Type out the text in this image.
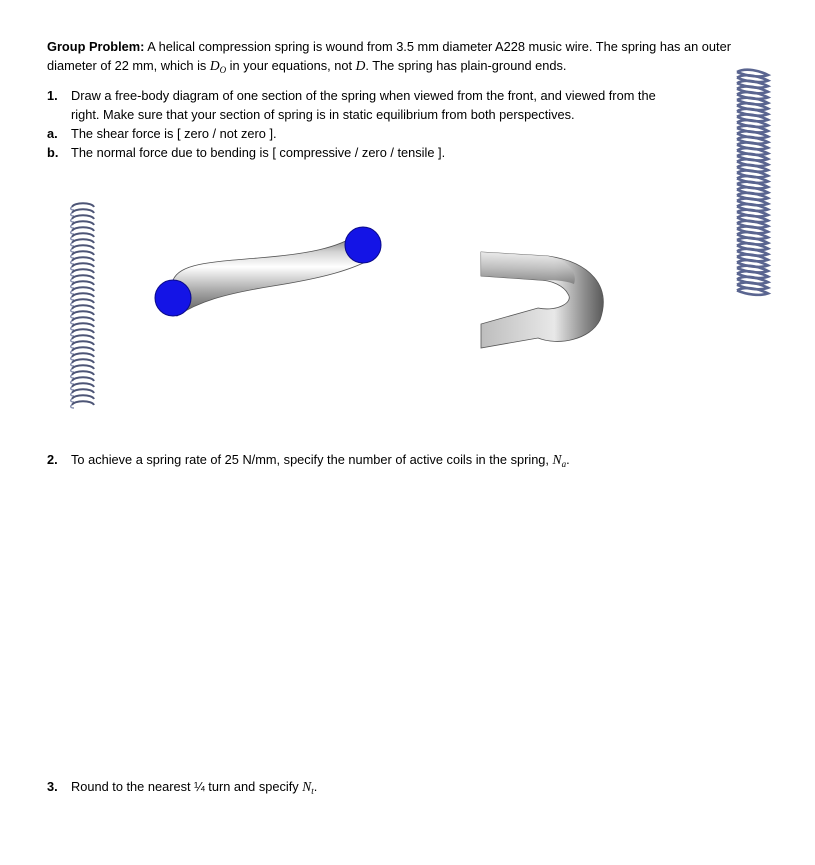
Group Problem: A helical compression spring is wound from 3.5 mm diameter A228 music wire. The spring has an outer
diameter of 22 mm, which is $D_O$ in your equations, not D. The spring has plain-ground ends.
1. Draw a free-body diagram of one section of the spring when viewed from the front, and viewed from the
right. Make sure that your section of spring is in static equilibrium from both perspectives.
a. The shear force is [ zero / not zero ].
b. The normal force due to bending is [ compressive / zero / tensile ].
2. To achieve a spring rate of 25 N/mm, specify the number of active coils in the spring, $N_a$.
3. Round to the nearest ¼ turn and specify $N_t$.
